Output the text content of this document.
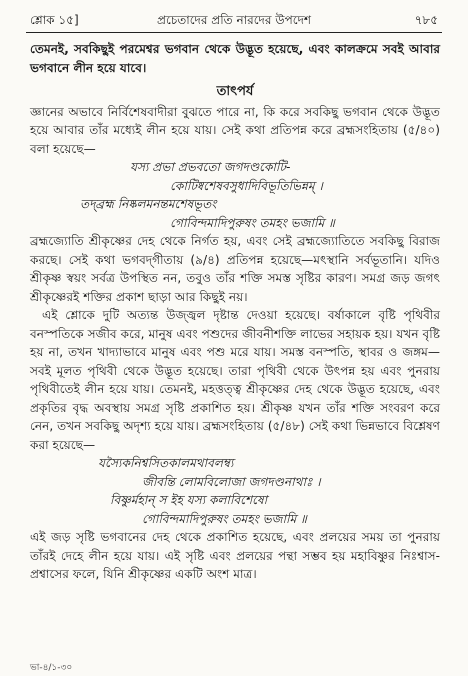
শ্লোক ১৫]	প্রচেতাদের প্রতি নারদের উপদেশ	৭৮৫

তেমনই, সবকিছুই পরমেশ্বর ভগবান থেকে উদ্ভূত হয়েছে, এবং কালক্রমে সবই আবার ভগবানে লীন হয়ে যাবে।

তাৎপর্য

জ্ঞানের অভাবে নির্বিশেষবাদীরা বুঝতে পারে না, কি করে সবকিছু ভগবান থেকে উদ্ভূত হয়ে আবার তাঁর মধ্যেই লীন হয়ে যায়। সেই কথা প্রতিপন্ন করে ব্রহ্মসংহিতায় (৫/৪০) বলা হয়েছে—

যস্য প্রভা প্রভবতো জগদণ্ডকোটি-
কোটিষ্বশেষবসুধাদিবিভূতিভিন্নম্ ।
তদ্‌ব্রহ্ম নিষ্কলমনন্তমশেষভূতং
গোবিন্দমাদিপুরুষং তমহং ভজামি ॥

ব্রহ্মজ্যোতি শ্রীকৃষ্ণের দেহ থেকে নির্গত হয়, এবং সেই ব্রহ্মজ্যোতিতে সবকিছু বিরাজ করছে। সেই কথা ভগবদ্‌গীতায় (৯/৪) প্রতিপন্ন হয়েছে—মৎস্থানি সর্বভূতানি। যদিও শ্রীকৃষ্ণ স্বয়ং সর্বত্র উপস্থিত নন, তবুও তাঁর শক্তি সমস্ত সৃষ্টির কারণ। সমগ্র জড় জগৎ শ্রীকৃষ্ণেরই শক্তির প্রকাশ ছাড়া আর কিছুই নয়।

এই শ্লোকে দুটি অত্যন্ত উজ্জ্বল দৃষ্টান্ত দেওয়া হয়েছে। বর্ষাকালে বৃষ্টি পৃথিবীর বনস্পতিকে সজীব করে, মানুষ এবং পশুদের জীবনীশক্তি লাভের সহায়ক হয়। যখন বৃষ্টি হয় না, তখন খাদ্যাভাবে মানুষ এবং পশু মরে যায়। সমস্ত বনস্পতি, স্থাবর ও জঙ্গম—সবই মূলত পৃথিবী থেকে উদ্ভূত হয়েছে। তারা পৃথিবী থেকে উৎপন্ন হয় এবং পুনরায় পৃথিবীতেই লীন হয়ে যায়। তেমনই, মহত্তত্ত্ব শ্রীকৃষ্ণের দেহ থেকে উদ্ভূত হয়েছে, এবং প্রকৃতির বৃদ্ধ অবস্থায় সমগ্র সৃষ্টি প্রকাশিত হয়। শ্রীকৃষ্ণ যখন তাঁর শক্তি সংবরণ করে নেন, তখন সবকিছু অদৃশ্য হয়ে যায়। ব্রহ্মসংহিতায় (৫/৪৮) সেই কথা ভিন্নভাবে বিশ্লেষণ করা হয়েছে—

যস্যৈকনিশ্বসিতকালমথাবলম্ব্য
জীবন্তি লোমবিলোজা জগদণ্ডনাথাঃ ।
বিষ্ণুর্মহান্ স ইহ যস্য কলাবিশেষো
গোবিন্দমাদিপুরুষং তমহং ভজামি ॥

এই জড় সৃষ্টি ভগবানের দেহ থেকে প্রকাশিত হয়েছে, এবং প্রলয়ের সময় তা পুনরায় তাঁরই দেহে লীন হয়ে যায়। এই সৃষ্টি এবং প্রলয়ের পন্থা সম্ভব হয় মহাবিষ্ণুর নিঃশ্বাস-প্রশ্বাসের ফলে, যিনি শ্রীকৃষ্ণের একটি অংশ মাত্র।

ভা-৪/১-৩০
